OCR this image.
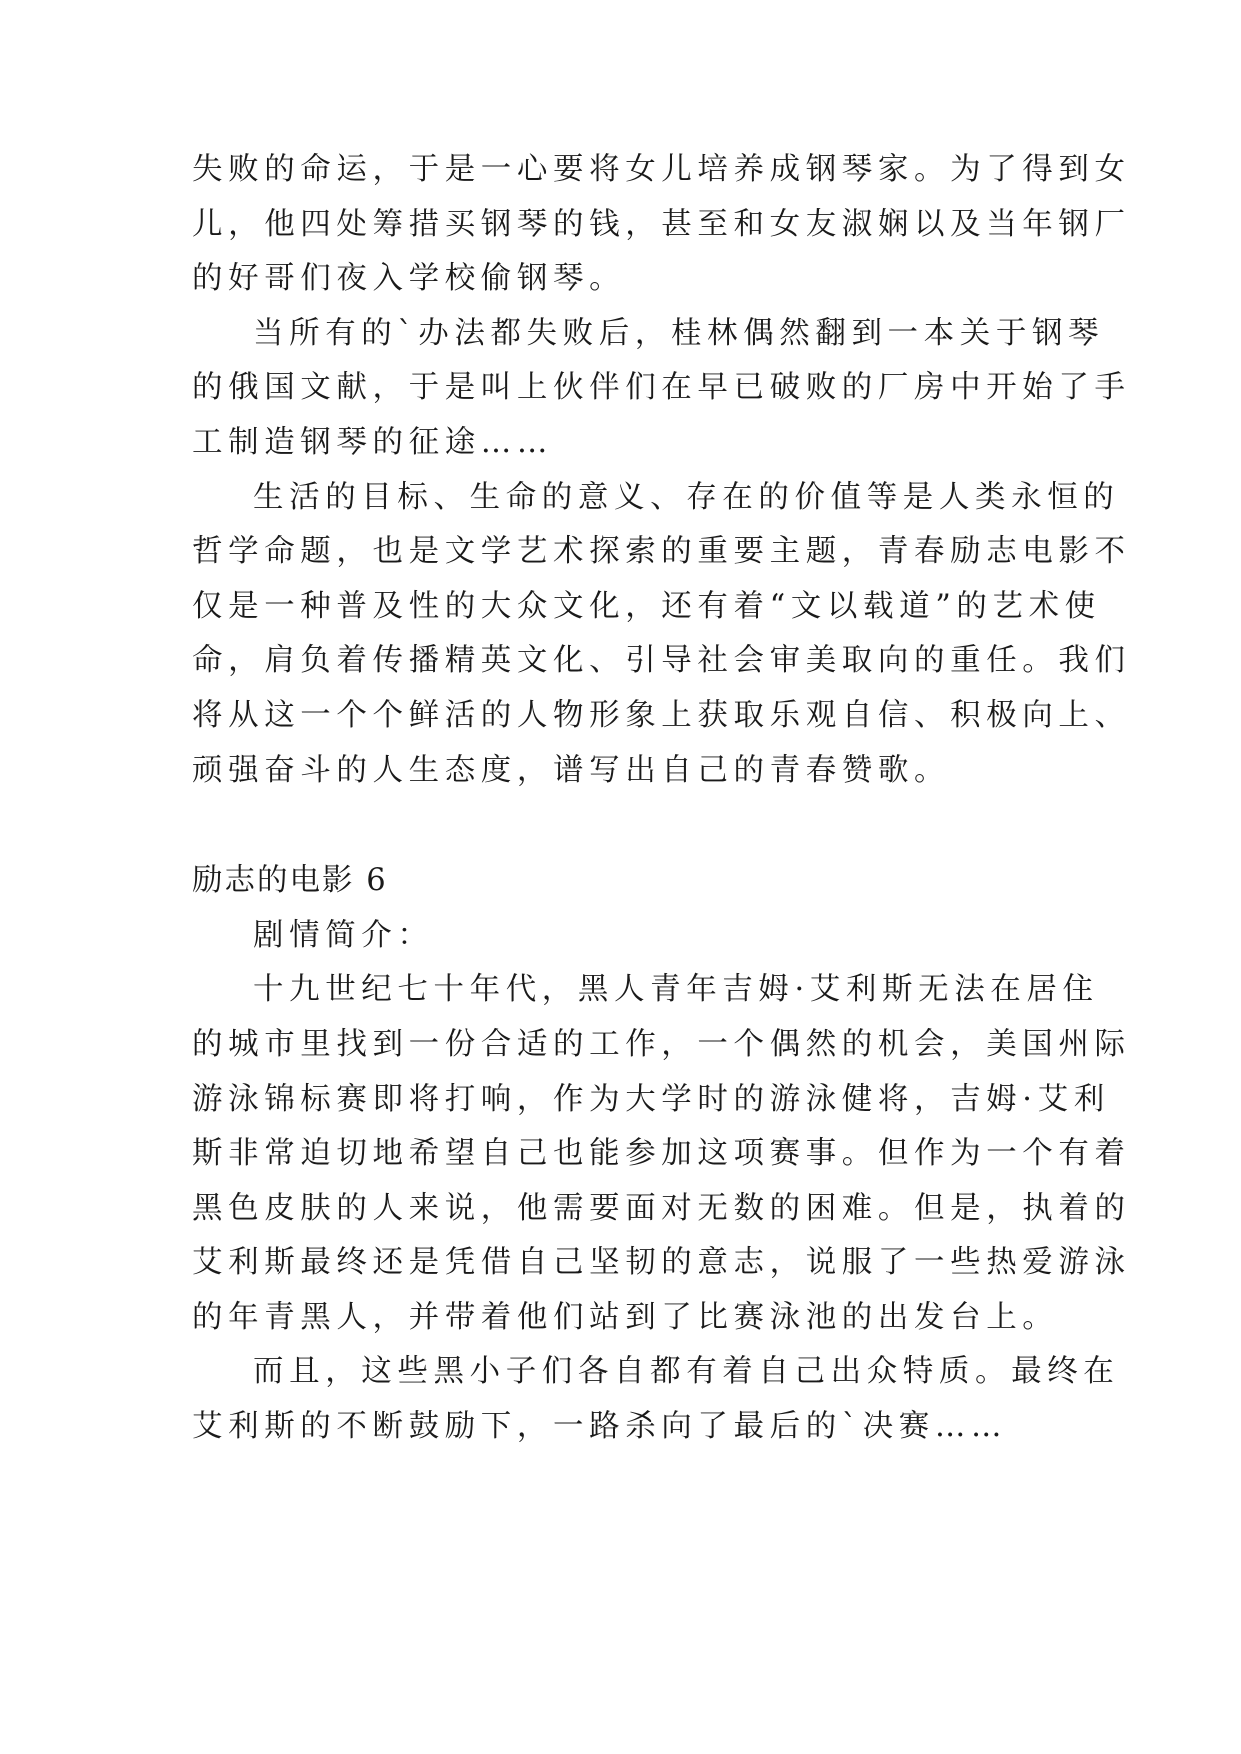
失败的命运，于是一心要将女儿培养成钢琴家。为了得到女
儿，他四处筹措买钢琴的钱，甚至和女友淑娴以及当年钢厂
的好哥们夜入学校偷钢琴。
当所有的`办法都失败后，桂林偶然翻到一本关于钢琴
的俄国文献，于是叫上伙伴们在早已破败的厂房中开始了手
工制造钢琴的征途……
生活的目标、生命的意义、存在的价值等是人类永恒的
哲学命题，也是文学艺术探索的重要主题，青春励志电影不
仅是一种普及性的大众文化，还有着“文以载道”的艺术使
命，肩负着传播精英文化、引导社会审美取向的重任。我们
将从这一个个鲜活的人物形象上获取乐观自信、积极向上、
顽强奋斗的人生态度，谱写出自己的青春赞歌。
励志的电影 6
剧情简介：
十九世纪七十年代，黑人青年吉姆·艾利斯无法在居住
的城市里找到一份合适的工作，一个偶然的机会，美国州际
游泳锦标赛即将打响，作为大学时的游泳健将，吉姆·艾利
斯非常迫切地希望自己也能参加这项赛事。但作为一个有着
黑色皮肤的人来说，他需要面对无数的困难。但是，执着的
艾利斯最终还是凭借自己坚韧的意志，说服了一些热爱游泳
的年青黑人，并带着他们站到了比赛泳池的出发台上。
而且，这些黑小子们各自都有着自己出众特质。最终在
艾利斯的不断鼓励下，一路杀向了最后的`决赛……
